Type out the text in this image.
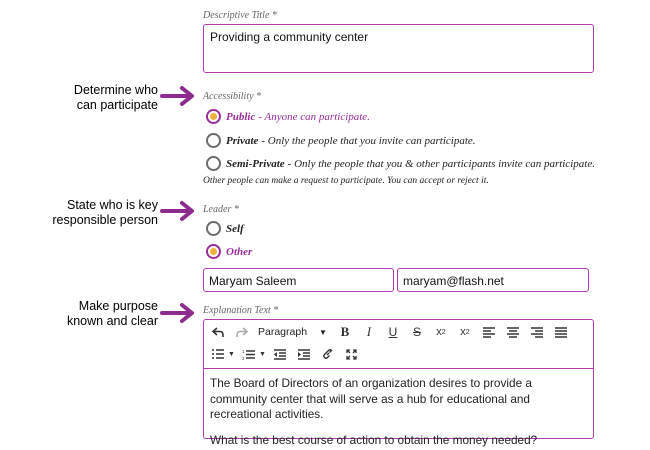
Determine who
can participate
State who is key
responsible person
Make purpose
known and clear
Descriptive Title *
Providing a community center
Accessibility *
Public - Anyone can participate.
Private - Only the people that you invite can participate.
Semi-Private - Only the people that you & other participants invite can participate.
Other people can make a request to participate. You can accept or reject it.
Leader *
Self
Other
Maryam Saleem	maryam@flash.net
Explanation Text *
Paragraph ▼ B	I	U	S	x 2 x 2
▼ 1
2
▼

The Board of Directors of an organization desires to provide a community center that will serve as a hub for educational and recreational activities.

What is the best course of action to obtain the money needed?
